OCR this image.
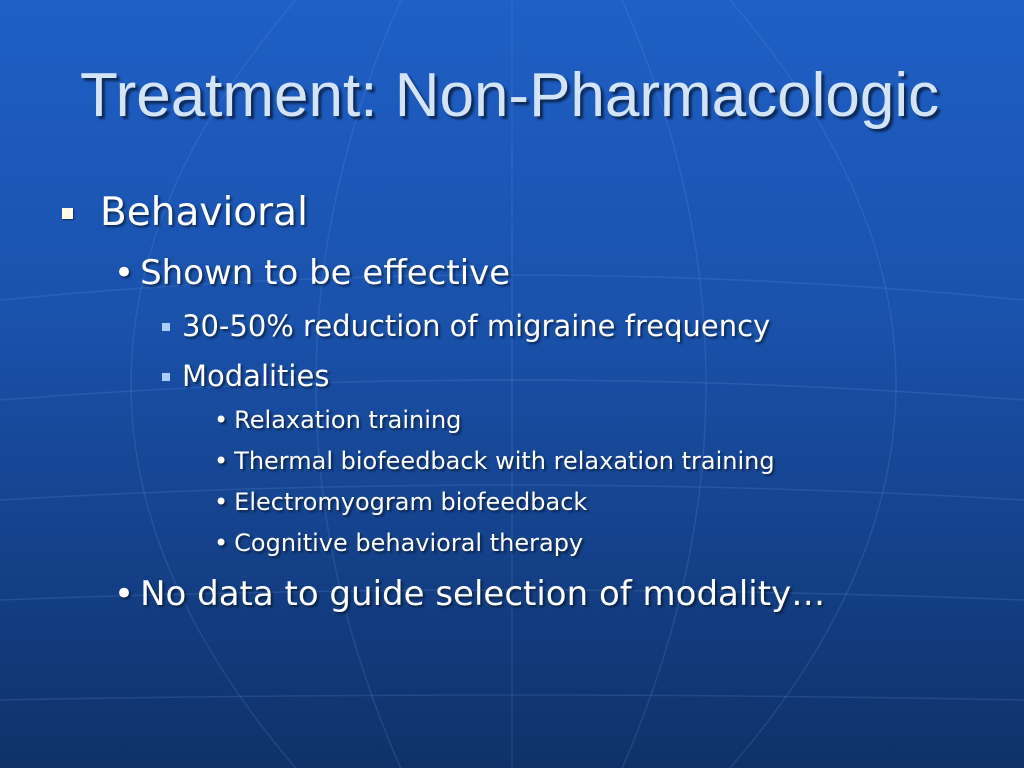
Treatment: Non-Pharmacologic
Behavioral
• Shown to be effective
30-50% reduction of migraine frequency
Modalities
• Relaxation training
• Thermal biofeedback with relaxation training
• Electromyogram biofeedback
• Cognitive behavioral therapy
• No data to guide selection of modality…
